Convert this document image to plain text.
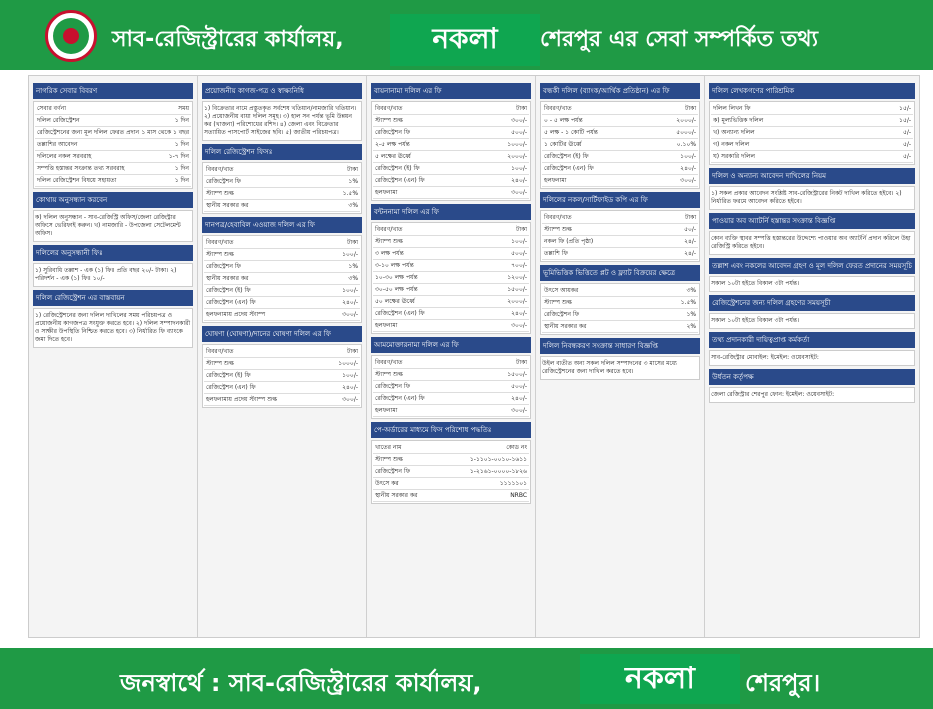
সাব-রেজিস্ট্রারের কার্যালয়,	নকলা	শেরপুর এর সেবা সম্পর্কিত তথ্য
নাগরিক সেবার বিবরণ
সেবার বর্ণনা	সময়
দলিল রেজিস্ট্রেশন	১ দিন
রেজিস্ট্রেশনের জন্য মূল দলিল ফেরত প্রদান ১ মাস থেকে ১ বছর
তল্লাশির আবেদন	১ দিন
দলিলের নকল সরবরাহ	১-৭ দিন
সম্পত্তি হস্তান্তর সংক্রান্ত তথ্য সরবরাহ	১ দিন
দলিল রেজিস্ট্রেশন বিষয়ে সহায়তা	১ দিন
কোথায় অনুসন্ধান করবেন
ক) দলিল অনুসন্ধান - সাব-রেজিস্ট্রি অফিস/জেলা রেজিস্ট্রার অফিসে ভেরিফাই করুন। খ) নামজারি - উপজেলা সেটেলমেন্ট অফিস।
দলিলের অনুসন্ধানী ফিঃ
১) সুরিবাধি তল্লাশ - এক (১) ফিঃ প্রতি বছর ২০/- টাকা। ২) পরিদর্শন - এক (১) ফিঃ ১০/-
দলিল রেজিস্ট্রেশন এর বাস্তবায়ন
১) রেজিস্ট্রেশনের জন্য দলিল দাখিলের সময় পরিচয়পত্র ও প্রয়োজনীয় কাগজপত্র সংযুক্ত করতে হবে। ২) দলিল সম্পাদনকারী ও সাক্ষীর উপস্থিতি নিশ্চিত করতে হবে। ৩) নির্ধারিত ফি ব্যাংকে জমা দিতে হবে।
প্রয়োজনীয় কাগজ-পত্র ও স্বাক্ষ্যনিধি
১) বিক্রেতার নামে প্রস্তুতকৃত সর্বশেষ খতিয়ান/নামজারি খতিয়ান। ২) প্রয়োজনীয় বায়া দলিল সমূহ। ৩) হাল সন পর্যন্ত ভূমি উন্নয়ন কর (খাজনা) পরিশোধের রশিদ। ৪) জেলা এবং বিক্রেতার সত্যায়িত পাসপোর্ট সাইজের ছবি। ৫) জাতীয় পরিচয়পত্র।
দলিল রেজিস্ট্রেশন ফিসঃ
বিবরণ/খাত	টাকা
রেজিস্ট্রেশন ফি	১%
স্ট্যাম্প শুল্ক	১.৫%
স্থানীয় সরকার কর	৩%
দানপত্র/হেবাবিল এওয়াজ দলিল এর ফি
বিবরণ/খাত	টাকা
স্ট্যাম্প শুল্ক	১০০/-
রেজিস্ট্রেশন ফি	১%
স্থানীয় সরকার কর	৩%
রেজিস্ট্রেশন (ই) ফি	১০০/-
রেজিস্ট্রেশন (এন) ফি	২৪০/-
হলফনামায় প্রদেয় স্ট্যাম্প	৩০০/-
ঘোষণা (ঘোষণা)/দানের ঘোষণা দলিল এর ফি
বিবরণ/খাত	টাকা
স্ট্যাম্প শুল্ক	১০০০/-
রেজিস্ট্রেশন (ই) ফি	১০০/-
রেজিস্ট্রেশন (এন) ফি	২৪০/-
হলফনামায় প্রদেয় স্ট্যাম্প শুল্ক	৩০০/-
বায়নানামা দলিল এর ফি
বিবরণ/খাত	টাকা
স্ট্যাম্প শুল্ক	৩০০/-
রেজিস্ট্রেশন ফি	৫০০/-
২-৫ লক্ষ পর্যন্ত	১০০০/-
৫ লক্ষের ঊর্ধ্বে	২০০০/-
রেজিস্ট্রেশন (ই) ফি	১০০/-
রেজিস্ট্রেশন (এন) ফি	২৪০/-
হলফনামা	৩০০/-
বন্টননামা দলিল এর ফি
বিবরণ/খাত	টাকা
স্ট্যাম্প শুল্ক	১০০/-
৩ লক্ষ পর্যন্ত	৫০০/-
৩-১০ লক্ষ পর্যন্ত	৭০০/-
১০-৩০ লক্ষ পর্যন্ত	১২০০/-
৩০-৫০ লক্ষ পর্যন্ত	১৫০০/-
৫০ লক্ষের ঊর্ধ্বে	২০০০/-
রেজিস্ট্রেশন (এন) ফি	২৪০/-
হলফনামা	৩০০/-
আমমোক্তারনামা দলিল এর ফি
বিবরণ/খাত	টাকা
স্ট্যাম্প শুল্ক	১৫০০/-
রেজিস্ট্রেশন ফি	৫০০/-
রেজিস্ট্রেশন (এন) ফি	২৪০/-
হলফনামা	৩০০/-
পে-অর্ডারের মাধ্যমে ফিস পরিশোধ পদ্ধতিঃ
খাতের নাম	কোড নং
স্ট্যাম্প শুল্ক	১-১১০১-০০১০-১৬১১
রেজিস্ট্রেশন ফি	১-২১৬১-০০০০-১৮২৬
উৎসে কর	১১১১১০১
স্থানীয় সরকার কর	NRBC
বন্ধকী দলিল (ব্যাংক/আর্থিক প্রতিষ্ঠান) এর ফি
বিবরণ/খাত	টাকা
০ - ৫ লক্ষ পর্যন্ত	২০০০/-
৫ লক্ষ - ১ কোটি পর্যন্ত	৫০০০/-
১ কোটির ঊর্ধ্বে	০.১০%
রেজিস্ট্রেশন (ই) ফি	১০০/-
রেজিস্ট্রেশন (এন) ফি	২৪০/-
হলফনামা	৩০০/-
দলিলের নকল/সার্টিফাইড কপি এর ফি
বিবরণ/খাত	টাকা
স্ট্যাম্প শুল্ক	৫০/-
নকল ফি (প্রতি পৃষ্ঠা)	২৪/-
তল্লাশি ফি	২৪/-
ভূমিভিত্তিক ভিত্তিতে প্লট ও ফ্ল্যাট বিক্রয়ের ক্ষেত্রে
উৎসে আয়কর	৩%
স্ট্যাম্প শুল্ক	১.৫%
রেজিস্ট্রেশন ফি	১%
স্থানীয় সরকার কর	২%
দলিল নিবন্ধকরণ সংক্রান্ত সাধারণ বিজ্ঞপ্তি
উইল ব্যতীত অন্য সকল দলিল সম্পাদনের ৩ মাসের মধ্যে রেজিস্ট্রেশনের জন্য দাখিল করতে হবে।
দলিল লেখকগণের পারিশ্রমিক
দলিল লিখন ফি	১৫/-
ক) মূল্যভিত্তিক দলিল	১৫/-
খ) অন্যান্য দলিল	৫/-
গ) নকল দলিল	৫/-
ঘ) সরকারি দলিল	৫/-
দলিল ও অন্যান্য আবেদন দাখিলের নিয়ম
১) সকল প্রকার আবেদন সংশ্লিষ্ট সাব-রেজিস্ট্রারের নিকট দাখিল করিতে হইবে। ২) নির্ধারিত ফরমে আবেদন করিতে হইবে।
পাওয়ার অব অ্যাটর্নি হস্তান্তর সংক্রান্ত বিজ্ঞপ্তি
কোন ব্যক্তি স্থাবর সম্পত্তি হস্তান্তরের উদ্দেশ্যে পাওয়ার অব অ্যাটর্নি প্রদান করিলে উহা রেজিস্ট্রি করিতে হইবে।
তল্লাশ এবং নকলের আবেদন গ্রহণ ও মূল দলিল ফেরত প্রদানের সময়সূচি
সকাল ১০টা হইতে বিকাল ৩টা পর্যন্ত।
রেজিস্ট্রেশনের জন্য দলিল গ্রহণের সময়সূচী
সকাল ১০টা হইতে বিকাল ৩টা পর্যন্ত।
তথ্য প্রদানকারী দায়িত্বপ্রাপ্ত কর্মকর্তা
সাব-রেজিস্ট্রার মোবাইল: ইমেইল: ওয়েবসাইট:
উর্ধতন কর্তৃপক্ষ
জেলা রেজিস্ট্রার শেরপুর ফোন: ইমেইল: ওয়েবসাইট:
জনস্বার্থে : সাব-রেজিস্ট্রারের কার্যালয়,	নকলা	শেরপুর।
